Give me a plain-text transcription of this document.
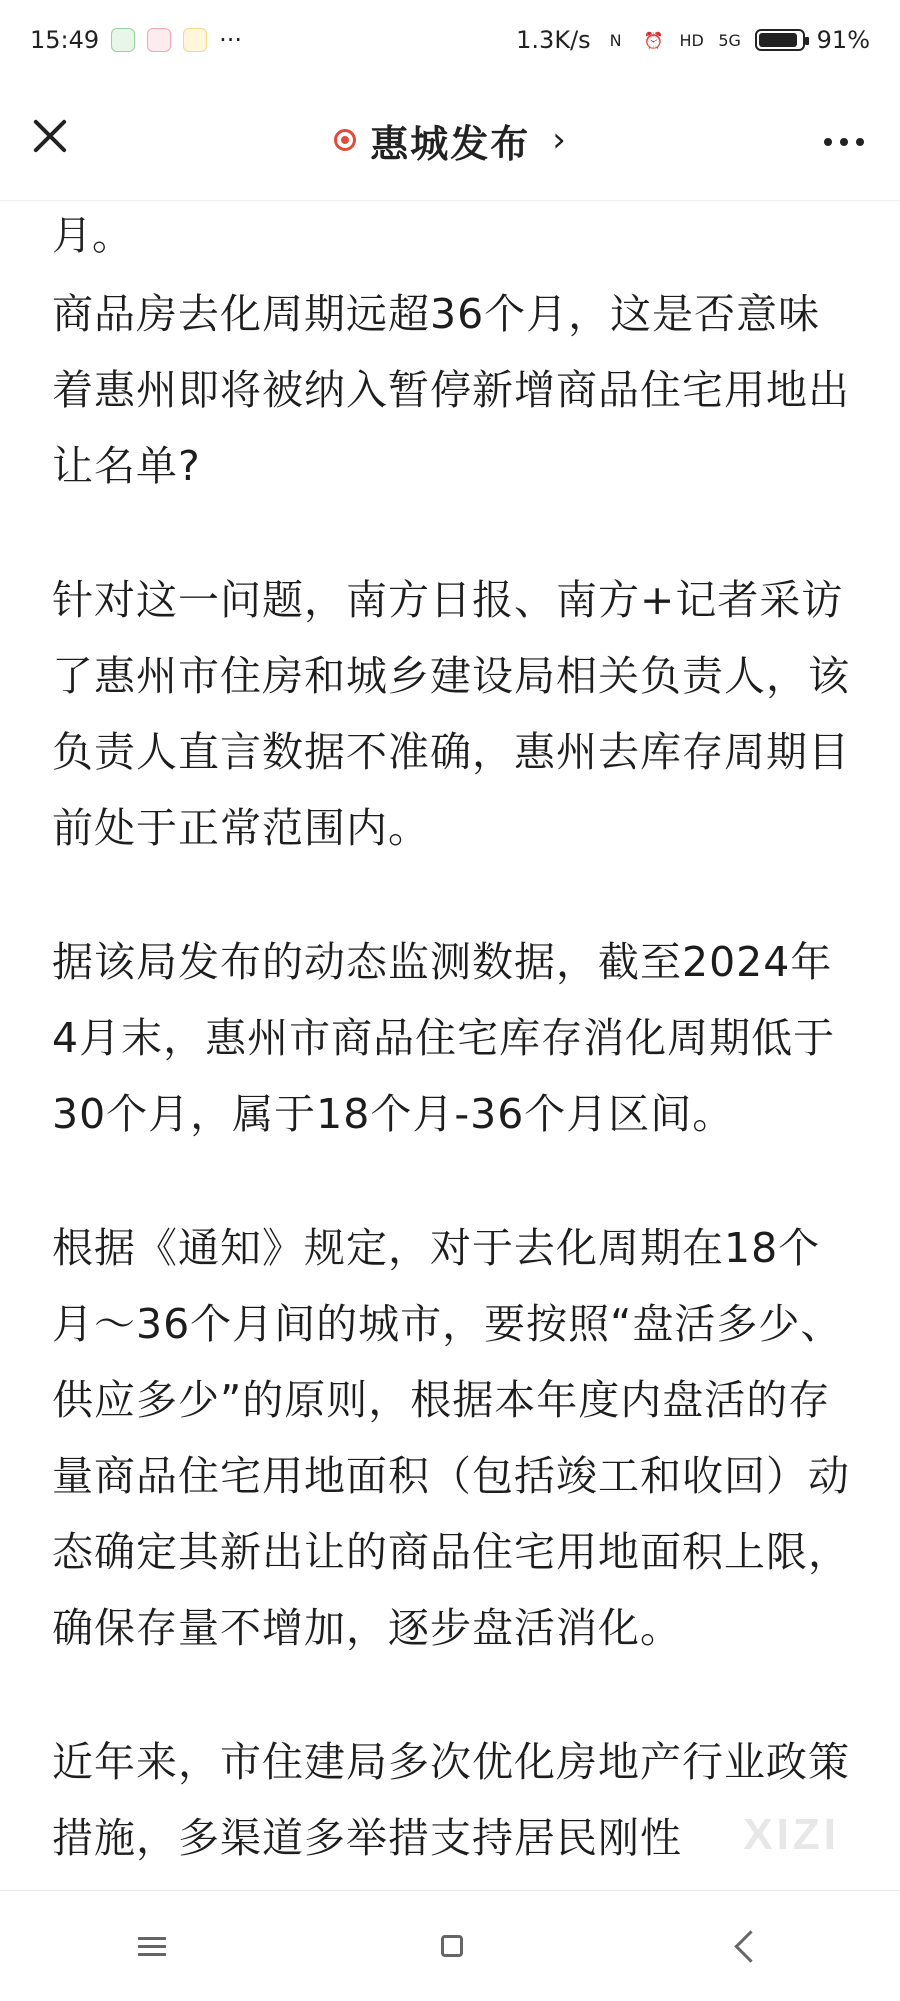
15:49	···	1.3K/s	N	⏰ HD 5G	91%
惠城发布 ›
月。

商品房去化周期远超36个月，这是否意味着惠州即将被纳入暂停新增商品住宅用地出让名单?

针对这一问题，南方日报、南方+记者采访了惠州市住房和城乡建设局相关负责人，该负责人直言数据不准确，惠州去库存周期目前处于正常范围内。

据该局发布的动态监测数据，截至2024年4月末，惠州市商品住宅库存消化周期低于30个月，属于18个月-36个月区间。

根据《通知》规定，对于去化周期在18个月～36个月间的城市，要按照“盘活多少、供应多少”的原则，根据本年度内盘活的存量商品住宅用地面积（包括竣工和收回）动态确定其新出让的商品住宅用地面积上限，确保存量不增加，逐步盘活消化。

近年来，市住建局多次优化房地产行业政策措施，多渠道多举措支持居民刚性	XIZI
